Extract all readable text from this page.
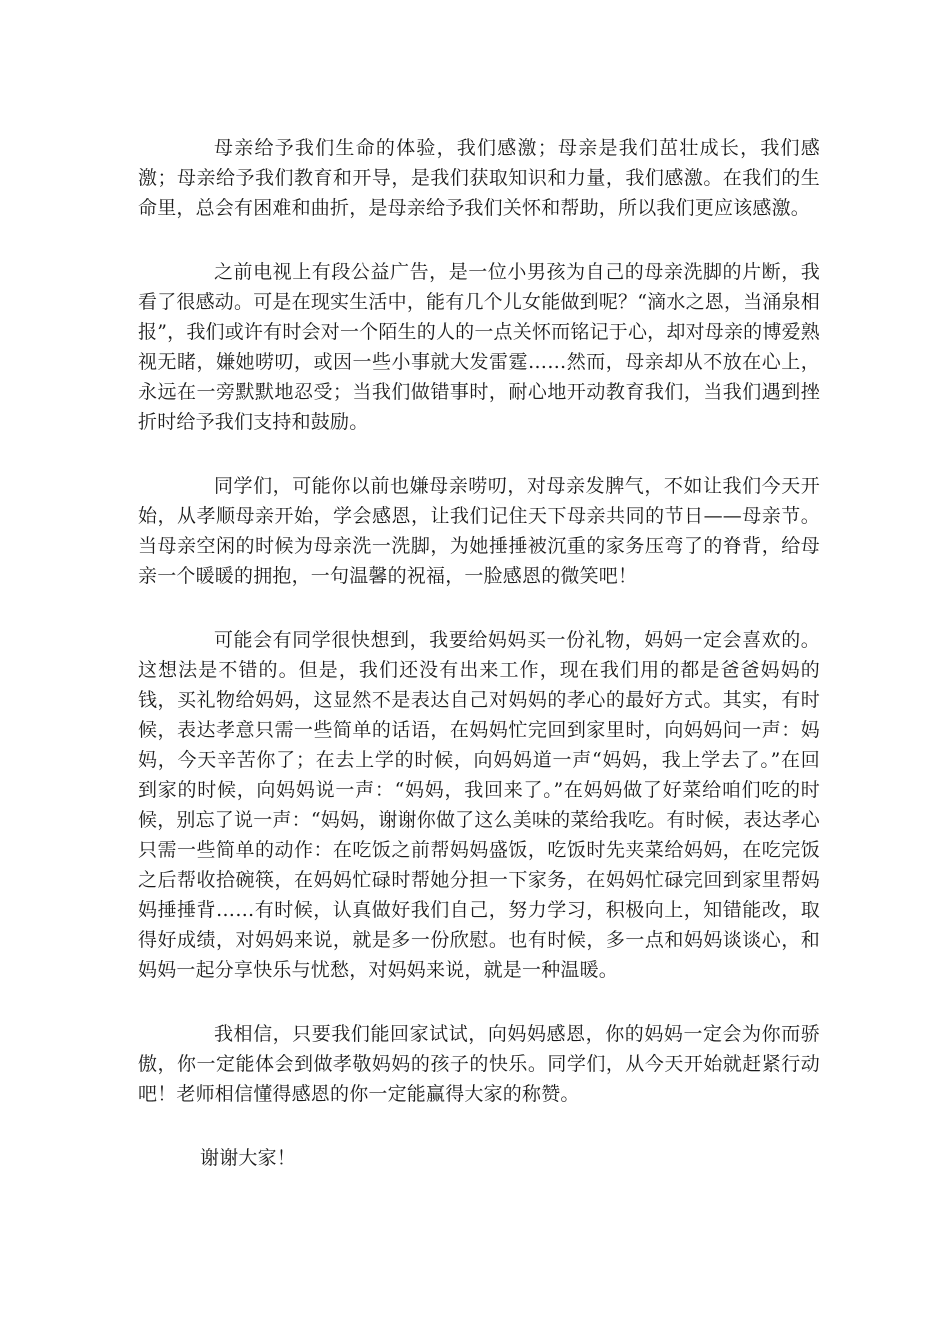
母亲给予我们生命的体验，我们感激；母亲是我们茁壮成长，我们感激；母亲给予我们教育和开导，是我们获取知识和力量，我们感激。在我们的生命里，总会有困难和曲折，是母亲给予我们关怀和帮助，所以我们更应该感激。

之前电视上有段公益广告，是一位小男孩为自己的母亲洗脚的片断，我看了很感动。可是在现实生活中，能有几个儿女能做到呢？“滴水之恩，当涌泉相报”，我们或许有时会对一个陌生的人的一点关怀而铭记于心，却对母亲的博爱熟视无睹，嫌她唠叨，或因一些小事就大发雷霆……然而，母亲却从不放在心上，永远在一旁默默地忍受；当我们做错事时，耐心地开动教育我们，当我们遇到挫折时给予我们支持和鼓励。

同学们，可能你以前也嫌母亲唠叨，对母亲发脾气，不如让我们今天开始，从孝顺母亲开始，学会感恩，让我们记住天下母亲共同的节日——母亲节。当母亲空闲的时候为母亲洗一洗脚，为她捶捶被沉重的家务压弯了的脊背，给母亲一个暖暖的拥抱，一句温馨的祝福，一脸感恩的微笑吧！

可能会有同学很快想到，我要给妈妈买一份礼物，妈妈一定会喜欢的。这想法是不错的。但是，我们还没有出来工作，现在我们用的都是爸爸妈妈的钱，买礼物给妈妈，这显然不是表达自己对妈妈的孝心的最好方式。其实，有时候，表达孝意只需一些简单的话语，在妈妈忙完回到家里时，向妈妈问一声：妈妈，今天辛苦你了；在去上学的时候，向妈妈道一声“妈妈，我上学去了。”在回到家的时候，向妈妈说一声：“妈妈，我回来了。”在妈妈做了好菜给咱们吃的时候，别忘了说一声：“妈妈，谢谢你做了这么美味的菜给我吃。有时候，表达孝心只需一些简单的动作：在吃饭之前帮妈妈盛饭，吃饭时先夹菜给妈妈，在吃完饭之后帮收拾碗筷，在妈妈忙碌时帮她分担一下家务，在妈妈忙碌完回到家里帮妈妈捶捶背……有时候，认真做好我们自己，努力学习，积极向上，知错能改，取得好成绩，对妈妈来说，就是多一份欣慰。也有时候，多一点和妈妈谈谈心，和妈妈一起分享快乐与忧愁，对妈妈来说，就是一种温暖。

我相信，只要我们能回家试试，向妈妈感恩，你的妈妈一定会为你而骄傲，你一定能体会到做孝敬妈妈的孩子的快乐。同学们，从今天开始就赶紧行动吧！老师相信懂得感恩的你一定能赢得大家的称赞。

谢谢大家！
